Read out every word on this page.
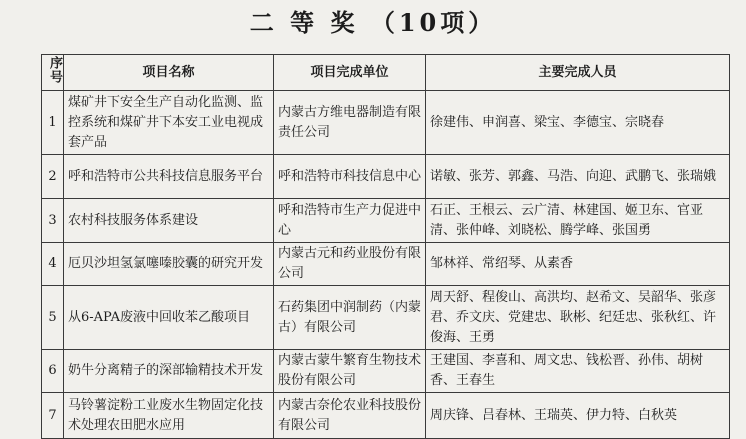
二 等 奖 （10项）
序号	项目名称	项目完成单位	主要完成人员
1	煤矿井下安全生产自动化监测、监控系统和煤矿井下本安工业电视成套产品	内蒙古方维电器制造有限责任公司	徐建伟、申润喜、梁宝、李德宝、宗晓春
2	呼和浩特市公共科技信息服务平台	呼和浩特市科技信息中心	诺敏、张芳、郭鑫、马浩、向迎、武鹏飞、张瑞娥
3	农村科技服务体系建设	呼和浩特市生产力促进中心	石正、王根云、云广清、林建国、姬卫东、官亚清、张仲峰、刘晓松、腾学峰、张国勇
4	厄贝沙坦氢氯噻嗪胶囊的研究开发	内蒙古元和药业股份有限公司	邹林祥、常绍琴、从素香
5	从6-APA废液中回收苯乙酸项目	石药集团中润制药（内蒙古）有限公司	周天舒、程俊山、高洪均、赵希文、吴韶华、张彦君、乔文庆、党建忠、耿彬、纪廷忠、张秋红、许俊海、王勇
6	奶牛分离精子的深部输精技术开发	内蒙古蒙牛繁育生物技术股份有限公司	王建国、李喜和、周文忠、钱松晋、孙伟、胡树香、王春生
7	马铃薯淀粉工业废水生物固定化技术处理农田肥水应用	内蒙古奈伦农业科技股份有限公司	周庆锋、吕春林、王瑞英、伊力特、白秋英
